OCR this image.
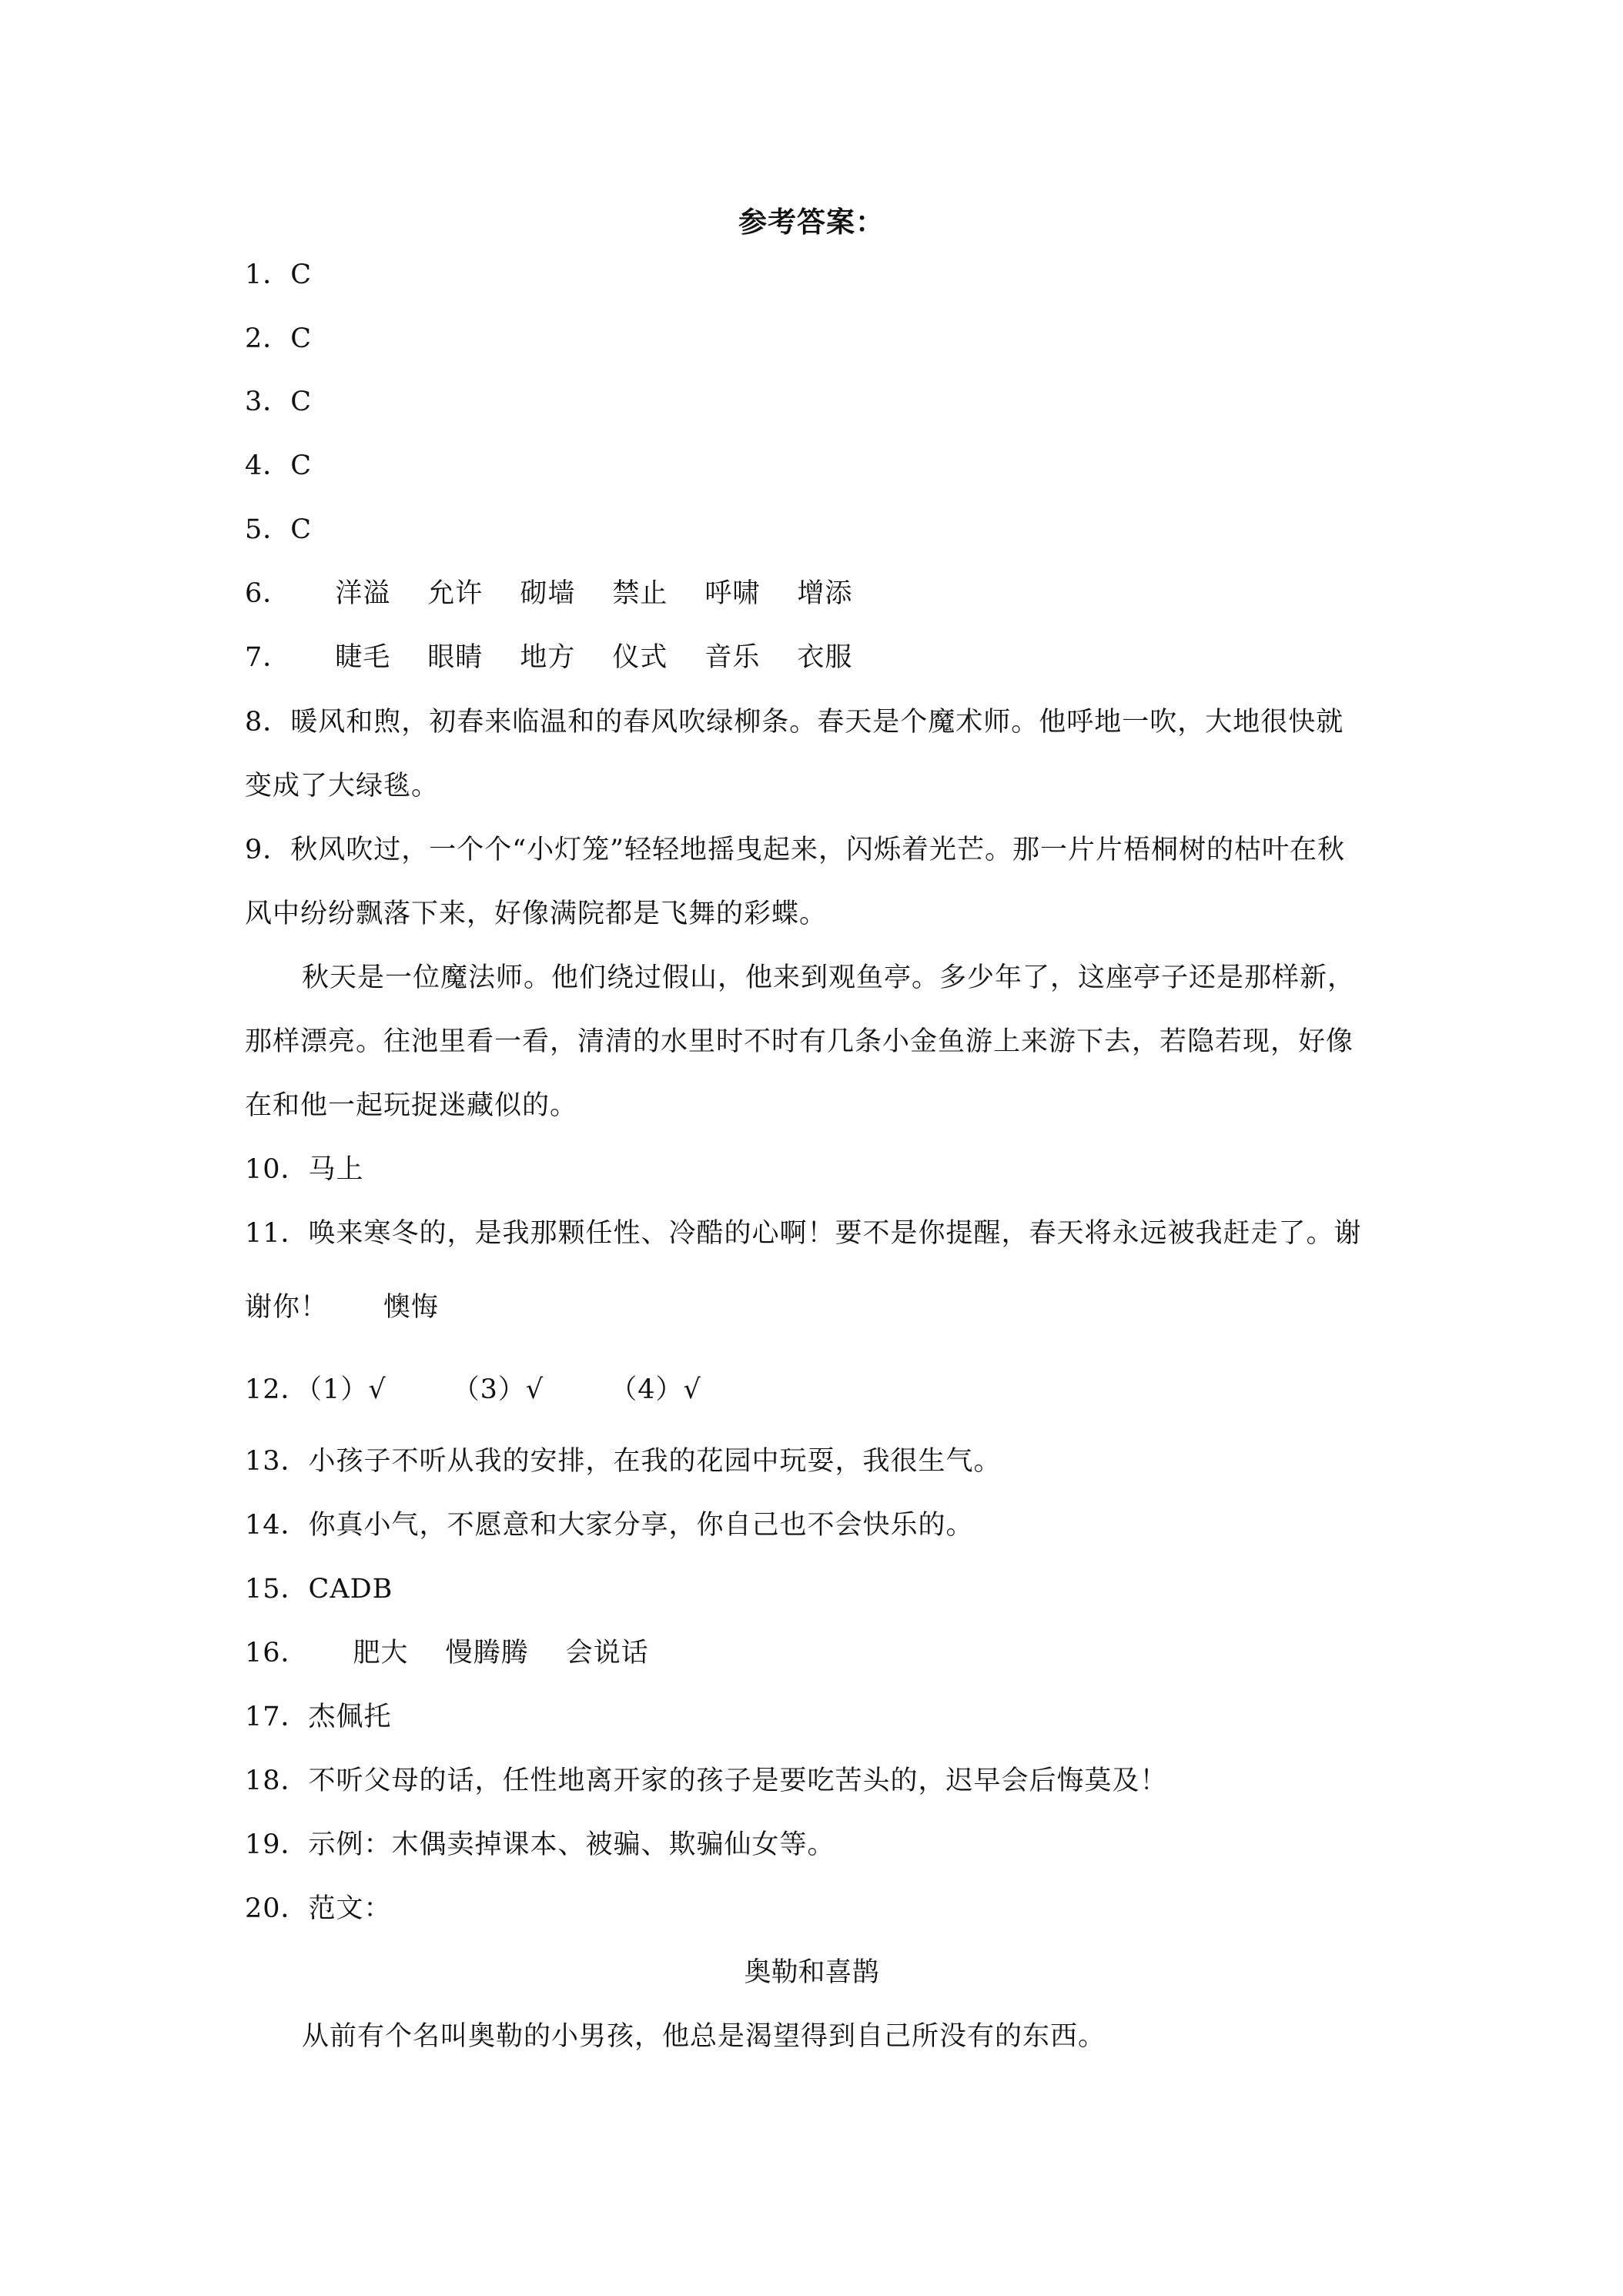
参考答案：
1．C
2．C
3．C
4．C
5．C
6． 洋溢 允许 砌墙 禁止 呼啸 增添
7． 睫毛 眼睛 地方 仪式 音乐 衣服
8．暖风和煦，初春来临温和的春风吹绿柳条。春天是个魔术师。他呼地一吹，大地很快就
变成了大绿毯。
9．秋风吹过，一个个“小灯笼”轻轻地摇曳起来，闪烁着光芒。那一片片梧桐树的枯叶在秋
风中纷纷飘落下来，好像满院都是飞舞的彩蝶。
秋天是一位魔法师。他们绕过假山，他来到观鱼亭。多少年了，这座亭子还是那样新，
那样漂亮。往池里看一看，清清的水里时不时有几条小金鱼游上来游下去，若隐若现，好像
在和他一起玩捉迷藏似的。
10．马上
11．唤来寒冬的，是我那颗任性、冷酷的心啊！要不是你提醒，春天将永远被我赶走了。谢
谢你！ 懊悔
12．（1）√ （3）√ （4）√
13．小孩子不听从我的安排，在我的花园中玩耍，我很生气。
14．你真小气，不愿意和大家分享，你自己也不会快乐的。
15．CADB
16． 肥大 慢腾腾 会说话
17．杰佩托
18．不听父母的话，任性地离开家的孩子是要吃苦头的，迟早会后悔莫及！
19．示例：木偶卖掉课本、被骗、欺骗仙女等。
20．范文：
奥勒和喜鹊
从前有个名叫奥勒的小男孩，他总是渴望得到自己所没有的东西。
